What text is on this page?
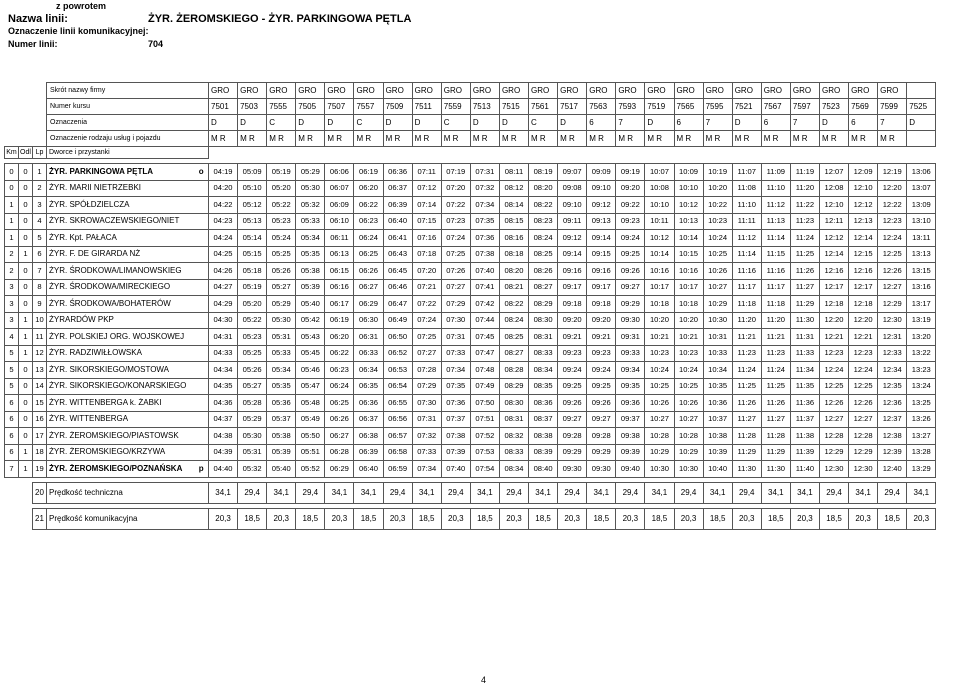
z powrotem
Nazwa linii:	ŻYR. ŻEROMSKIEGO - ŻYR. PARKINGOWA PĘTLA
Oznaczenie linii komunikacyjnej:
Numer linii:	704
			Skrót nazwy firmy		GRO	GRO	GRO	GRO	GRO	GRO	GRO	GRO	GRO	GRO	GRO	GRO	GRO	GRO	GRO	GRO	GRO	GRO	GRO	GRO	GRO	GRO	GRO	GRO	
			Numer kursu		7501	7503	7555	7505	7507	7557	7509	7511	7559	7513	7515	7561	7517	7563	7593	7519	7565	7595	7521	7567	7597	7523	7569	7599	7525
			Oznaczenia		D	D	C	D	D	C	D	D	C	D	D	C	D	6	7	D	6	7	D	6	7	D	6	7	D
			Oznaczenie rodzaju usług i pojazdu		M R	M R	M R	M R	M R	M R	M R	M R	M R	M R	M R	M R	M R	M R	M R	M R	M R	M R	M R	M R	M R	M R	M R	M R	
Km	Odl	Lp	Dworce i przystanki																										

0	0	1	ŻYR. PARKINGOWA PĘTLA	o	04:19	05:09	05:19	05:29	06:06	06:19	06:36	07:11	07:19	07:31	08:11	08:19	09:07	09:09	09:19	10:07	10:09	10:19	11:07	11:09	11:19	12:07	12:09	12:19	13:06
0	0	2	ŻYR. MARII NIETRZEBKI		04:20	05:10	05:20	05:30	06:07	06:20	06:37	07:12	07:20	07:32	08:12	08:20	09:08	09:10	09:20	10:08	10:10	10:20	11:08	11:10	11:20	12:08	12:10	12:20	13:07
1	0	3	ŻYR. SPÓŁDZIELCZA		04:22	05:12	05:22	05:32	06:09	06:22	06:39	07:14	07:22	07:34	08:14	08:22	09:10	09:12	09:22	10:10	10:12	10:22	11:10	11:12	11:22	12:10	12:12	12:22	13:09
1	0	4	ŻYR. SKROWACZEWSKIEGO/NIET		04:23	05:13	05:23	05:33	06:10	06:23	06:40	07:15	07:23	07:35	08:15	08:23	09:11	09:13	09:23	10:11	10:13	10:23	11:11	11:13	11:23	12:11	12:13	12:23	13:10
1	0	5	ŻYR. Kpt. PAŁACA		04:24	05:14	05:24	05:34	06:11	06:24	06:41	07:16	07:24	07:36	08:16	08:24	09:12	09:14	09:24	10:12	10:14	10:24	11:12	11:14	11:24	12:12	12:14	12:24	13:11
2	1	6	ŻYR. F. DE GIRARDA NŻ		04:25	05:15	05:25	05:35	06:13	06:25	06:43	07:18	07:25	07:38	08:18	08:25	09:14	09:15	09:25	10:14	10:15	10:25	11:14	11:15	11:25	12:14	12:15	12:25	13:13
2	0	7	ŻYR. ŚRODKOWA/LIMANOWSKIEG		04:26	05:18	05:26	05:38	06:15	06:26	06:45	07:20	07:26	07:40	08:20	08:26	09:16	09:16	09:26	10:16	10:16	10:26	11:16	11:16	11:26	12:16	12:16	12:26	13:15
3	0	8	ŻYR. ŚRODKOWA/MIRECKIEGO		04:27	05:19	05:27	05:39	06:16	06:27	06:46	07:21	07:27	07:41	08:21	08:27	09:17	09:17	09:27	10:17	10:17	10:27	11:17	11:17	11:27	12:17	12:17	12:27	13:16
3	0	9	ŻYR. ŚRODKOWA/BOHATERÓW		04:29	05:20	05:29	05:40	06:17	06:29	06:47	07:22	07:29	07:42	08:22	08:29	09:18	09:18	09:29	10:18	10:18	10:29	11:18	11:18	11:29	12:18	12:18	12:29	13:17
3	1	10	ŻYRARDÓW PKP		04:30	05:22	05:30	05:42	06:19	06:30	06:49	07:24	07:30	07:44	08:24	08:30	09:20	09:20	09:30	10:20	10:20	10:30	11:20	11:20	11:30	12:20	12:20	12:30	13:19
4	1	11	ŻYR. POLSKIEJ ORG. WOJSKOWEJ		04:31	05:23	05:31	05:43	06:20	06:31	06:50	07:25	07:31	07:45	08:25	08:31	09:21	09:21	09:31	10:21	10:21	10:31	11:21	11:21	11:31	12:21	12:21	12:31	13:20
5	1	12	ŻYR. RADZIWIŁŁOWSKA		04:33	05:25	05:33	05:45	06:22	06:33	06:52	07:27	07:33	07:47	08:27	08:33	09:23	09:23	09:33	10:23	10:23	10:33	11:23	11:23	11:33	12:23	12:23	12:33	13:22
5	0	13	ŻYR. SIKORSKIEGO/MOSTOWA		04:34	05:26	05:34	05:46	06:23	06:34	06:53	07:28	07:34	07:48	08:28	08:34	09:24	09:24	09:34	10:24	10:24	10:34	11:24	11:24	11:34	12:24	12:24	12:34	13:23
5	0	14	ŻYR. SIKORSKIEGO/KONARSKIEGO		04:35	05:27	05:35	05:47	06:24	06:35	06:54	07:29	07:35	07:49	08:29	08:35	09:25	09:25	09:35	10:25	10:25	10:35	11:25	11:25	11:35	12:25	12:25	12:35	13:24
6	0	15	ŻYR. WITTENBERGA k. ŻABKI		04:36	05:28	05:36	05:48	06:25	06:36	06:55	07:30	07:36	07:50	08:30	08:36	09:26	09:26	09:36	10:26	10:26	10:36	11:26	11:26	11:36	12:26	12:26	12:36	13:25
6	0	16	ŻYR. WITTENBERGA		04:37	05:29	05:37	05:49	06:26	06:37	06:56	07:31	07:37	07:51	08:31	08:37	09:27	09:27	09:37	10:27	10:27	10:37	11:27	11:27	11:37	12:27	12:27	12:37	13:26
6	0	17	ŻYR. ŻEROMSKIEGO/PIASTOWSK		04:38	05:30	05:38	05:50	06:27	06:38	06:57	07:32	07:38	07:52	08:32	08:38	09:28	09:28	09:38	10:28	10:28	10:38	11:28	11:28	11:38	12:28	12:28	12:38	13:27
6	1	18	ŻYR. ŻEROMSKIEGO/KRZYWA		04:39	05:31	05:39	05:51	06:28	06:39	06:58	07:33	07:39	07:53	08:33	08:39	09:29	09:29	09:39	10:29	10:29	10:39	11:29	11:29	11:39	12:29	12:29	12:39	13:28
7	1	19	ŻYR. ŻEROMSKIEGO/POZNAŃSKA	p	04:40	05:32	05:40	05:52	06:29	06:40	06:59	07:34	07:40	07:54	08:34	08:40	09:30	09:30	09:40	10:30	10:30	10:40	11:30	11:30	11:40	12:30	12:30	12:40	13:29

		20	Prędkość techniczna		34,1	29,4	34,1	29,4	34,1	34,1	29,4	34,1	29,4	34,1	29,4	34,1	29,4	34,1	29,4	34,1	29,4	34,1	29,4	34,1	34,1	29,4	34,1	29,4	34,1

		21	Prędkość komunikacyjna		20,3	18,5	20,3	18,5	20,3	18,5	20,3	18,5	20,3	18,5	20,3	18,5	20,3	18,5	20,3	18,5	20,3	18,5	20,3	18,5	20,3	18,5	20,3	18,5	20,3
4
